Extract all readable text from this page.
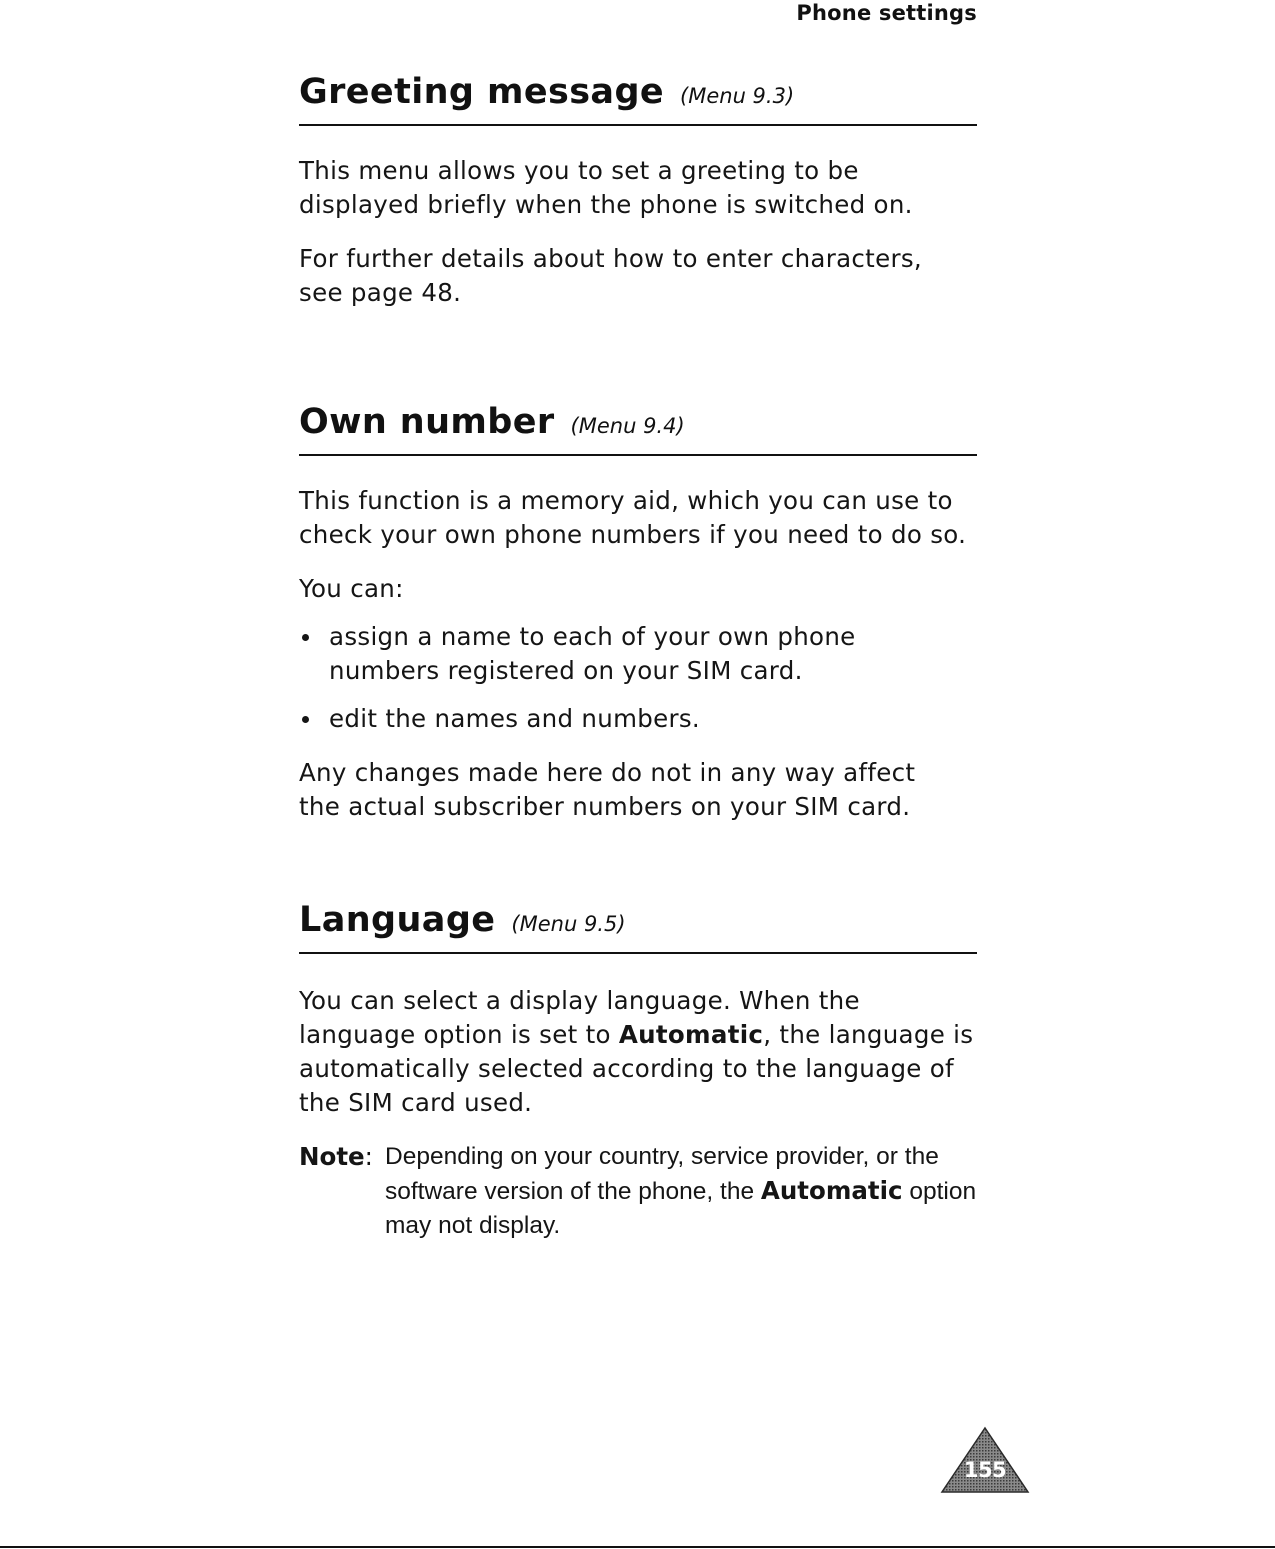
Phone settings
Greeting message (Menu 9.3)

This menu allows you to set a greeting to be displayed briefly when the phone is switched on.

For further details about how to enter characters, see page 48.

Own number (Menu 9.4)

This function is a memory aid, which you can use to check your own phone numbers if you need to do so.

You can:

assign a name to each of your own phone numbers registered on your SIM card.
edit the names and numbers.

Any changes made here do not in any way affect the actual subscriber numbers on your SIM card.

Language (Menu 9.5)

You can select a display language. When the language option is set to Automatic, the language is automatically selected according to the language of the SIM card used.

Note: Depending on your country, service provider, or the software version of the phone, the Automatic option may not display.
155
